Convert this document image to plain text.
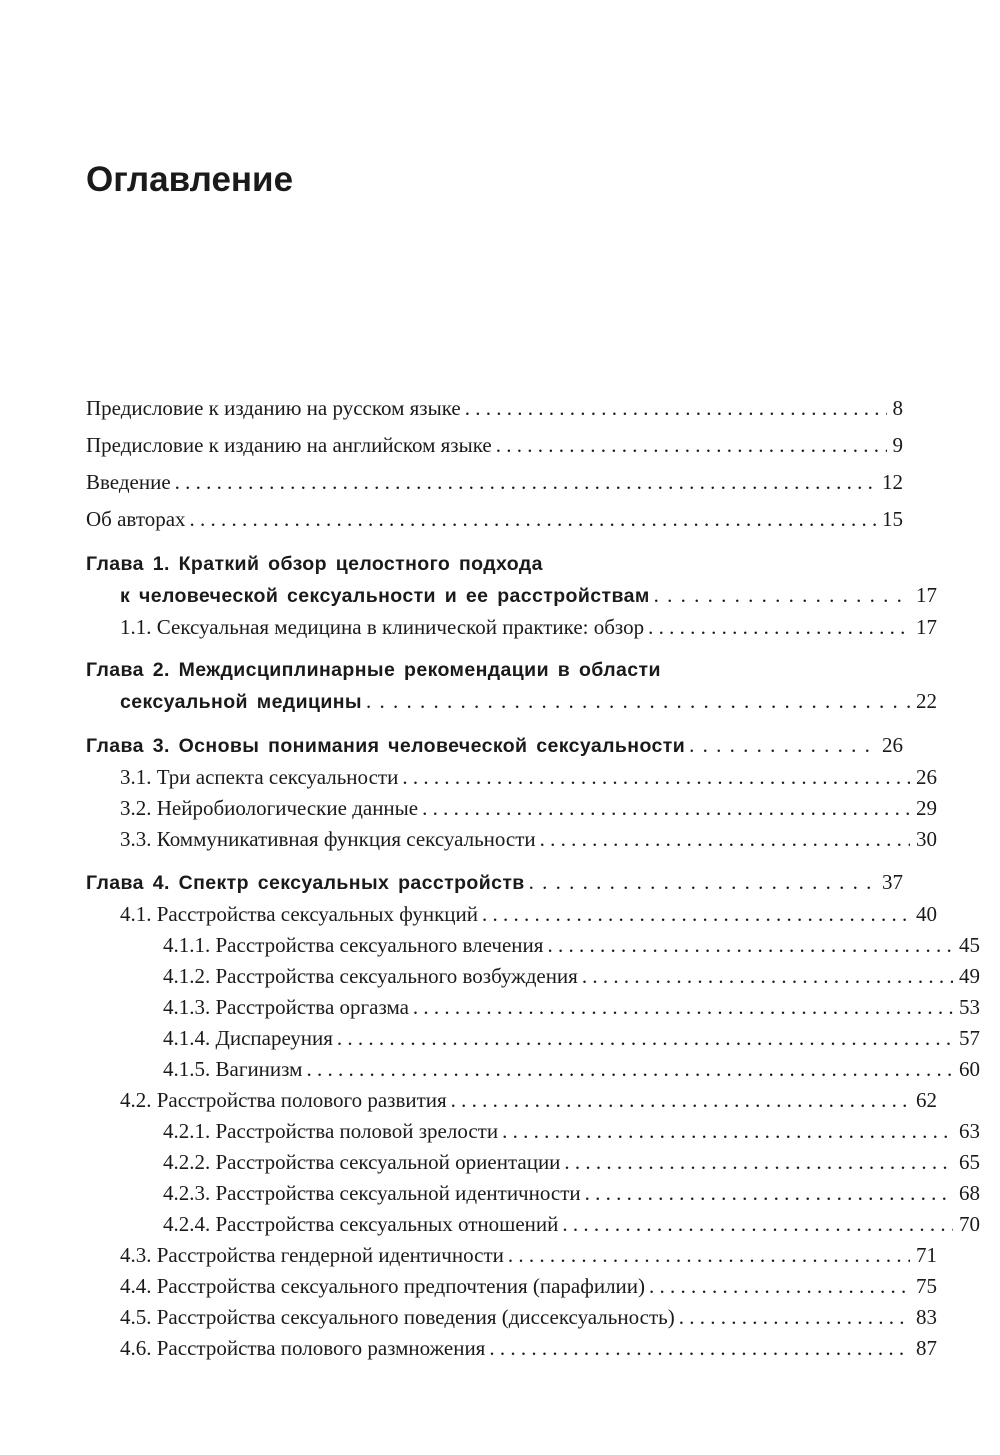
Оглавление
Предисловие к изданию на русском языке . . .	8
Предисловие к изданию на английском языке . . .	9
Введение . . .	12
Об авторах . . .	15
Глава 1. Краткий обзор целостного подхода
к человеческой сексуальности и ее расстройствам . . .	17
1.1. Сексуальная медицина в клинической практике: обзор . . .	17
Глава 2. Междисциплинарные рекомендации в области
сексуальной медицины . . .	22
Глава 3. Основы понимания человеческой сексуальности . . .	26
3.1. Три аспекта сексуальности . . .	26
3.2. Нейробиологические данные . . .	29
3.3. Коммуникативная функция сексуальности . . .	30
Глава 4. Спектр сексуальных расстройств . . .	37
4.1. Расстройства сексуальных функций . . .	40
4.1.1. Расстройства сексуального влечения . . .	45
4.1.2. Расстройства сексуального возбуждения . . .	49
4.1.3. Расстройства оргазма . . .	53
4.1.4. Диспареуния . . .	57
4.1.5. Вагинизм . . .	60
4.2. Расстройства полового развития . . .	62
4.2.1. Расстройства половой зрелости . . .	63
4.2.2. Расстройства сексуальной ориентации . . .	65
4.2.3. Расстройства сексуальной идентичности . . .	68
4.2.4. Расстройства сексуальных отношений . . .	70
4.3. Расстройства гендерной идентичности . . .	71
4.4. Расстройства сексуального предпочтения (парафилии) . . .	75
4.5. Расстройства сексуального поведения (диссексуальность) . . .	83
4.6. Расстройства полового размножения . . .	87
